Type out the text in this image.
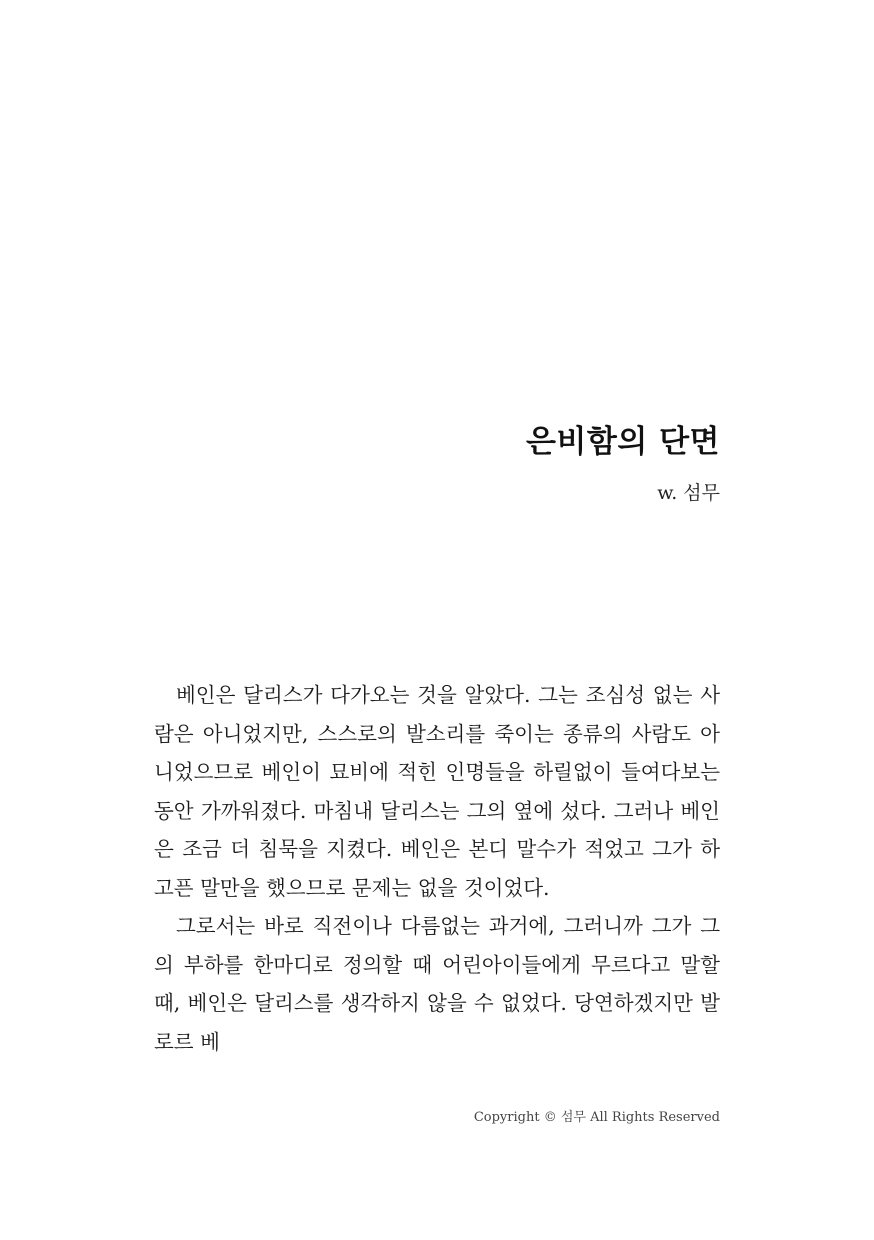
은비함의 단면
w. 섬무

베인은 달리스가 다가오는 것을 알았다. 그는 조심성 없는 사람은 아니었지만, 스스로의 발소리를 죽이는 종류의 사람도 아니었으므로 베인이 묘비에 적힌 인명들을 하릴없이 들여다보는 동안 가까워졌다. 마침내 달리스는 그의 옆에 섰다. 그러나 베인은 조금 더 침묵을 지켰다. 베인은 본디 말수가 적었고 그가 하고픈 말만을 했으므로 문제는 없을 것이었다.

그로서는 바로 직전이나 다름없는 과거에, 그러니까 그가 그의 부하를 한마디로 정의할 때 어린아이들에게 무르다고 말할 때, 베인은 달리스를 생각하지 않을 수 없었다. 당연하겠지만 발로르 베

Copyright © 섬무 All Rights Reserved
